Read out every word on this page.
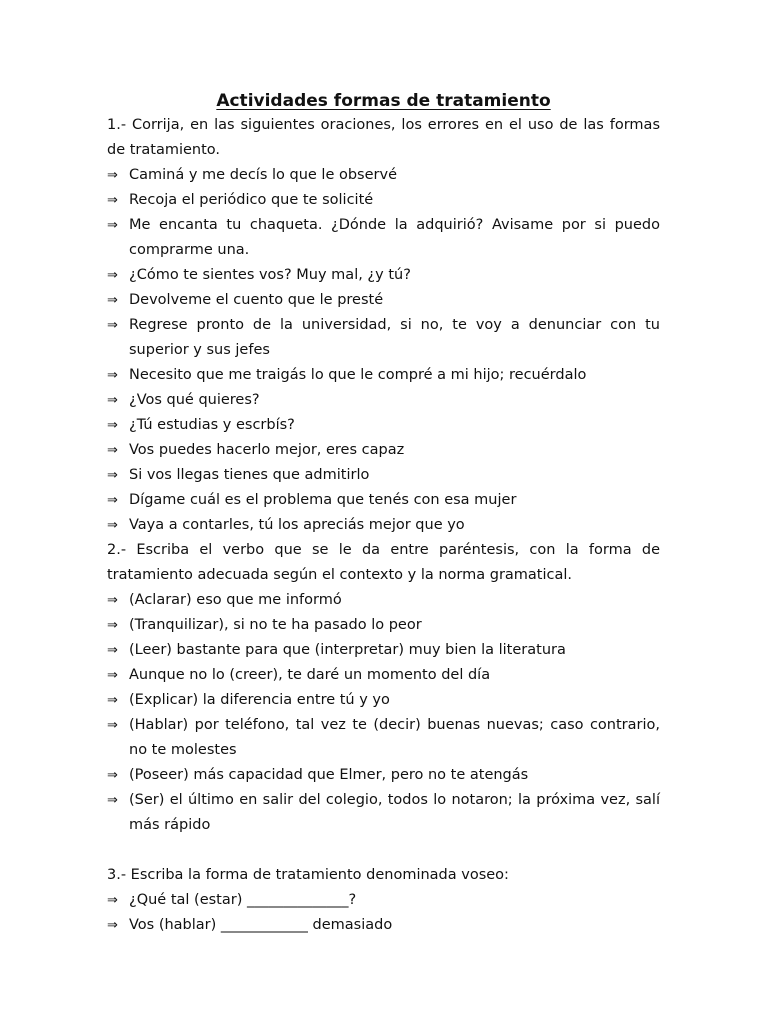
Actividades formas de tratamiento

1.- Corrija, en las siguientes oraciones, los errores en el uso de las formas de tratamiento.

⇒ Caminá y me decís lo que le observé

⇒ Recoja el periódico que te solicité

⇒ Me encanta tu chaqueta. ¿Dónde la adquirió? Avisame por si puedo comprarme una.

⇒ ¿Cómo te sientes vos? Muy mal, ¿y tú?

⇒ Devolveme el cuento que le presté

⇒ Regrese pronto de la universidad, si no, te voy a denunciar con tu superior y sus jefes

⇒ Necesito que me traigás lo que le compré a mi hijo; recuérdalo

⇒ ¿Vos qué quieres?

⇒ ¿Tú estudias y escrbís?

⇒ Vos puedes hacerlo mejor, eres capaz

⇒ Si vos llegas tienes que admitirlo

⇒ Dígame cuál es el problema que tenés con esa mujer

⇒ Vaya a contarles, tú los apreciás mejor que yo

2.- Escriba el verbo que se le da entre paréntesis, con la forma de tratamiento adecuada según el contexto y la norma gramatical.

⇒ (Aclarar) eso que me informó

⇒ (Tranquilizar), si no te ha pasado lo peor

⇒ (Leer) bastante para que (interpretar) muy bien la literatura

⇒ Aunque no lo (creer), te daré un momento del día

⇒ (Explicar) la diferencia entre tú y yo

⇒ (Hablar) por teléfono, tal vez te (decir) buenas nuevas; caso contrario, no te molestes

⇒ (Poseer) más capacidad que Elmer, pero no te atengás

⇒ (Ser) el último en salir del colegio, todos lo notaron; la próxima vez, salí más rápido

3.- Escriba la forma de tratamiento denominada voseo:

⇒ ¿Qué tal (estar) ______________?

⇒ Vos (hablar) ____________ demasiado
